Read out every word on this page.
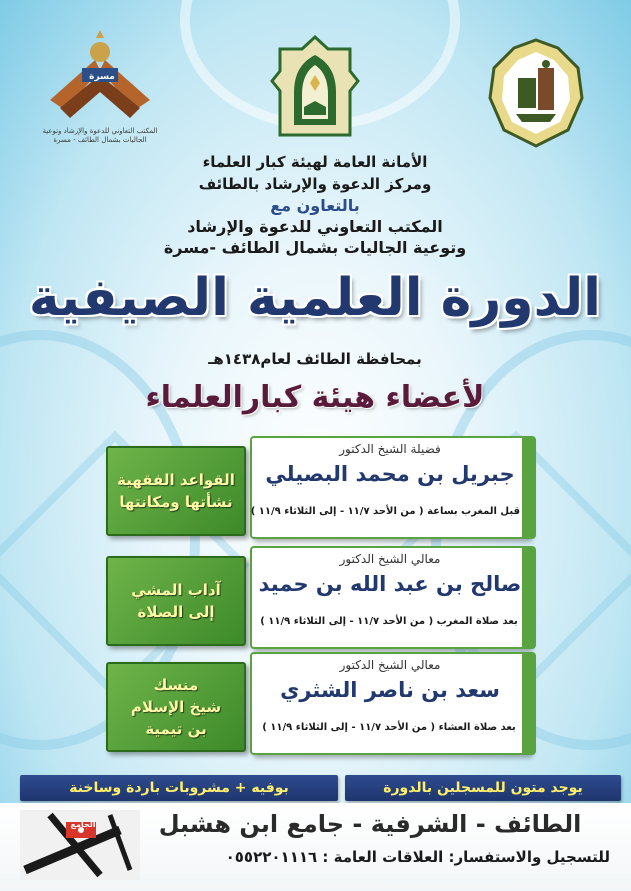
مسرة
المكتب التعاوني للدعوة والإرشاد وتوعية الجاليات بشمال الطائف - مسرة
الأمانة العامة لهيئة كبار العلماء
ومركز الدعوة والإرشاد بالطائف
بالتعاون مع
المكتب التعاوني للدعوة والإرشاد
وتوعية الجاليات بشمال الطائف -مسرة
الدورة العلمية الصيفية
بمحافظة الطائف لعام١٤٣٨هـ
لأعضاء هيئة كبارالعلماء
القواعد الفقهية
نشأتها ومكانتها
فضيلة الشيخ الدكتور
جبريل بن محمد البصيلي
قبل المغرب بساعة ( من الأحد ١١/٧ - إلى الثلاثاء ١١/٩ )
آداب المشي
إلى الصلاة
معالي الشيخ الدكتور
صالح بن عبد الله بن حميد
بعد صلاة المغرب ( من الأحد ١١/٧ - إلى الثلاثاء ١١/٩ )
منسك
شيخ الإسلام
بن تيمية
معالي الشيخ الدكتور
سعد بن ناصر الشثري
بعد صلاة العشاء ( من الأحد ١١/٧ - إلى الثلاثاء ١١/٩ )
يوجد متون للمسجلين بالدورة
بوفيه + مشروبات باردة وساخنة
الجامع	الطائف - الشرفية - جامع ابن هشبل
للتسجيل والاستفسار: العلاقات العامة : ٠٥٥٢٢٠١١١٦
